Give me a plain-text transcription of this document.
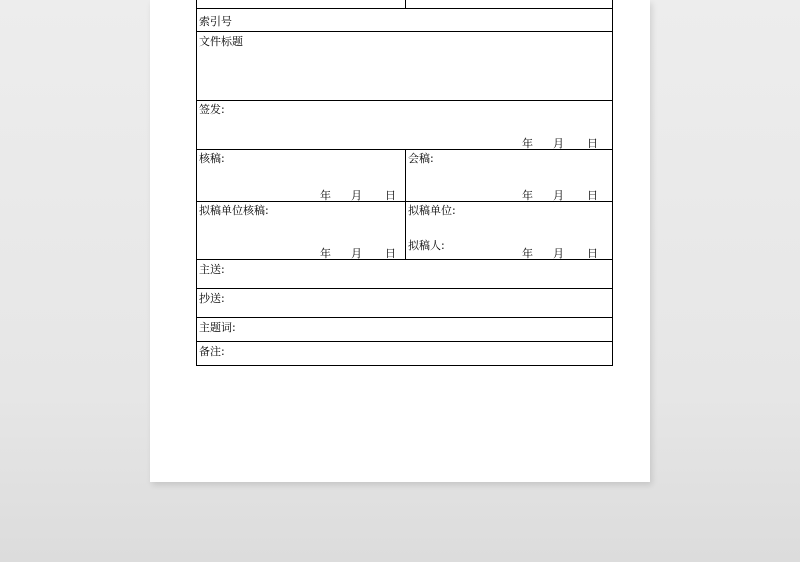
索引号
文件标题
签发:
年 月 日
核稿:
年 月 日
会稿:
年 月 日
拟稿单位核稿:
年 月 日
拟稿单位:
拟稿人:
年 月 日
主送:
抄送:
主题词:
备注:
